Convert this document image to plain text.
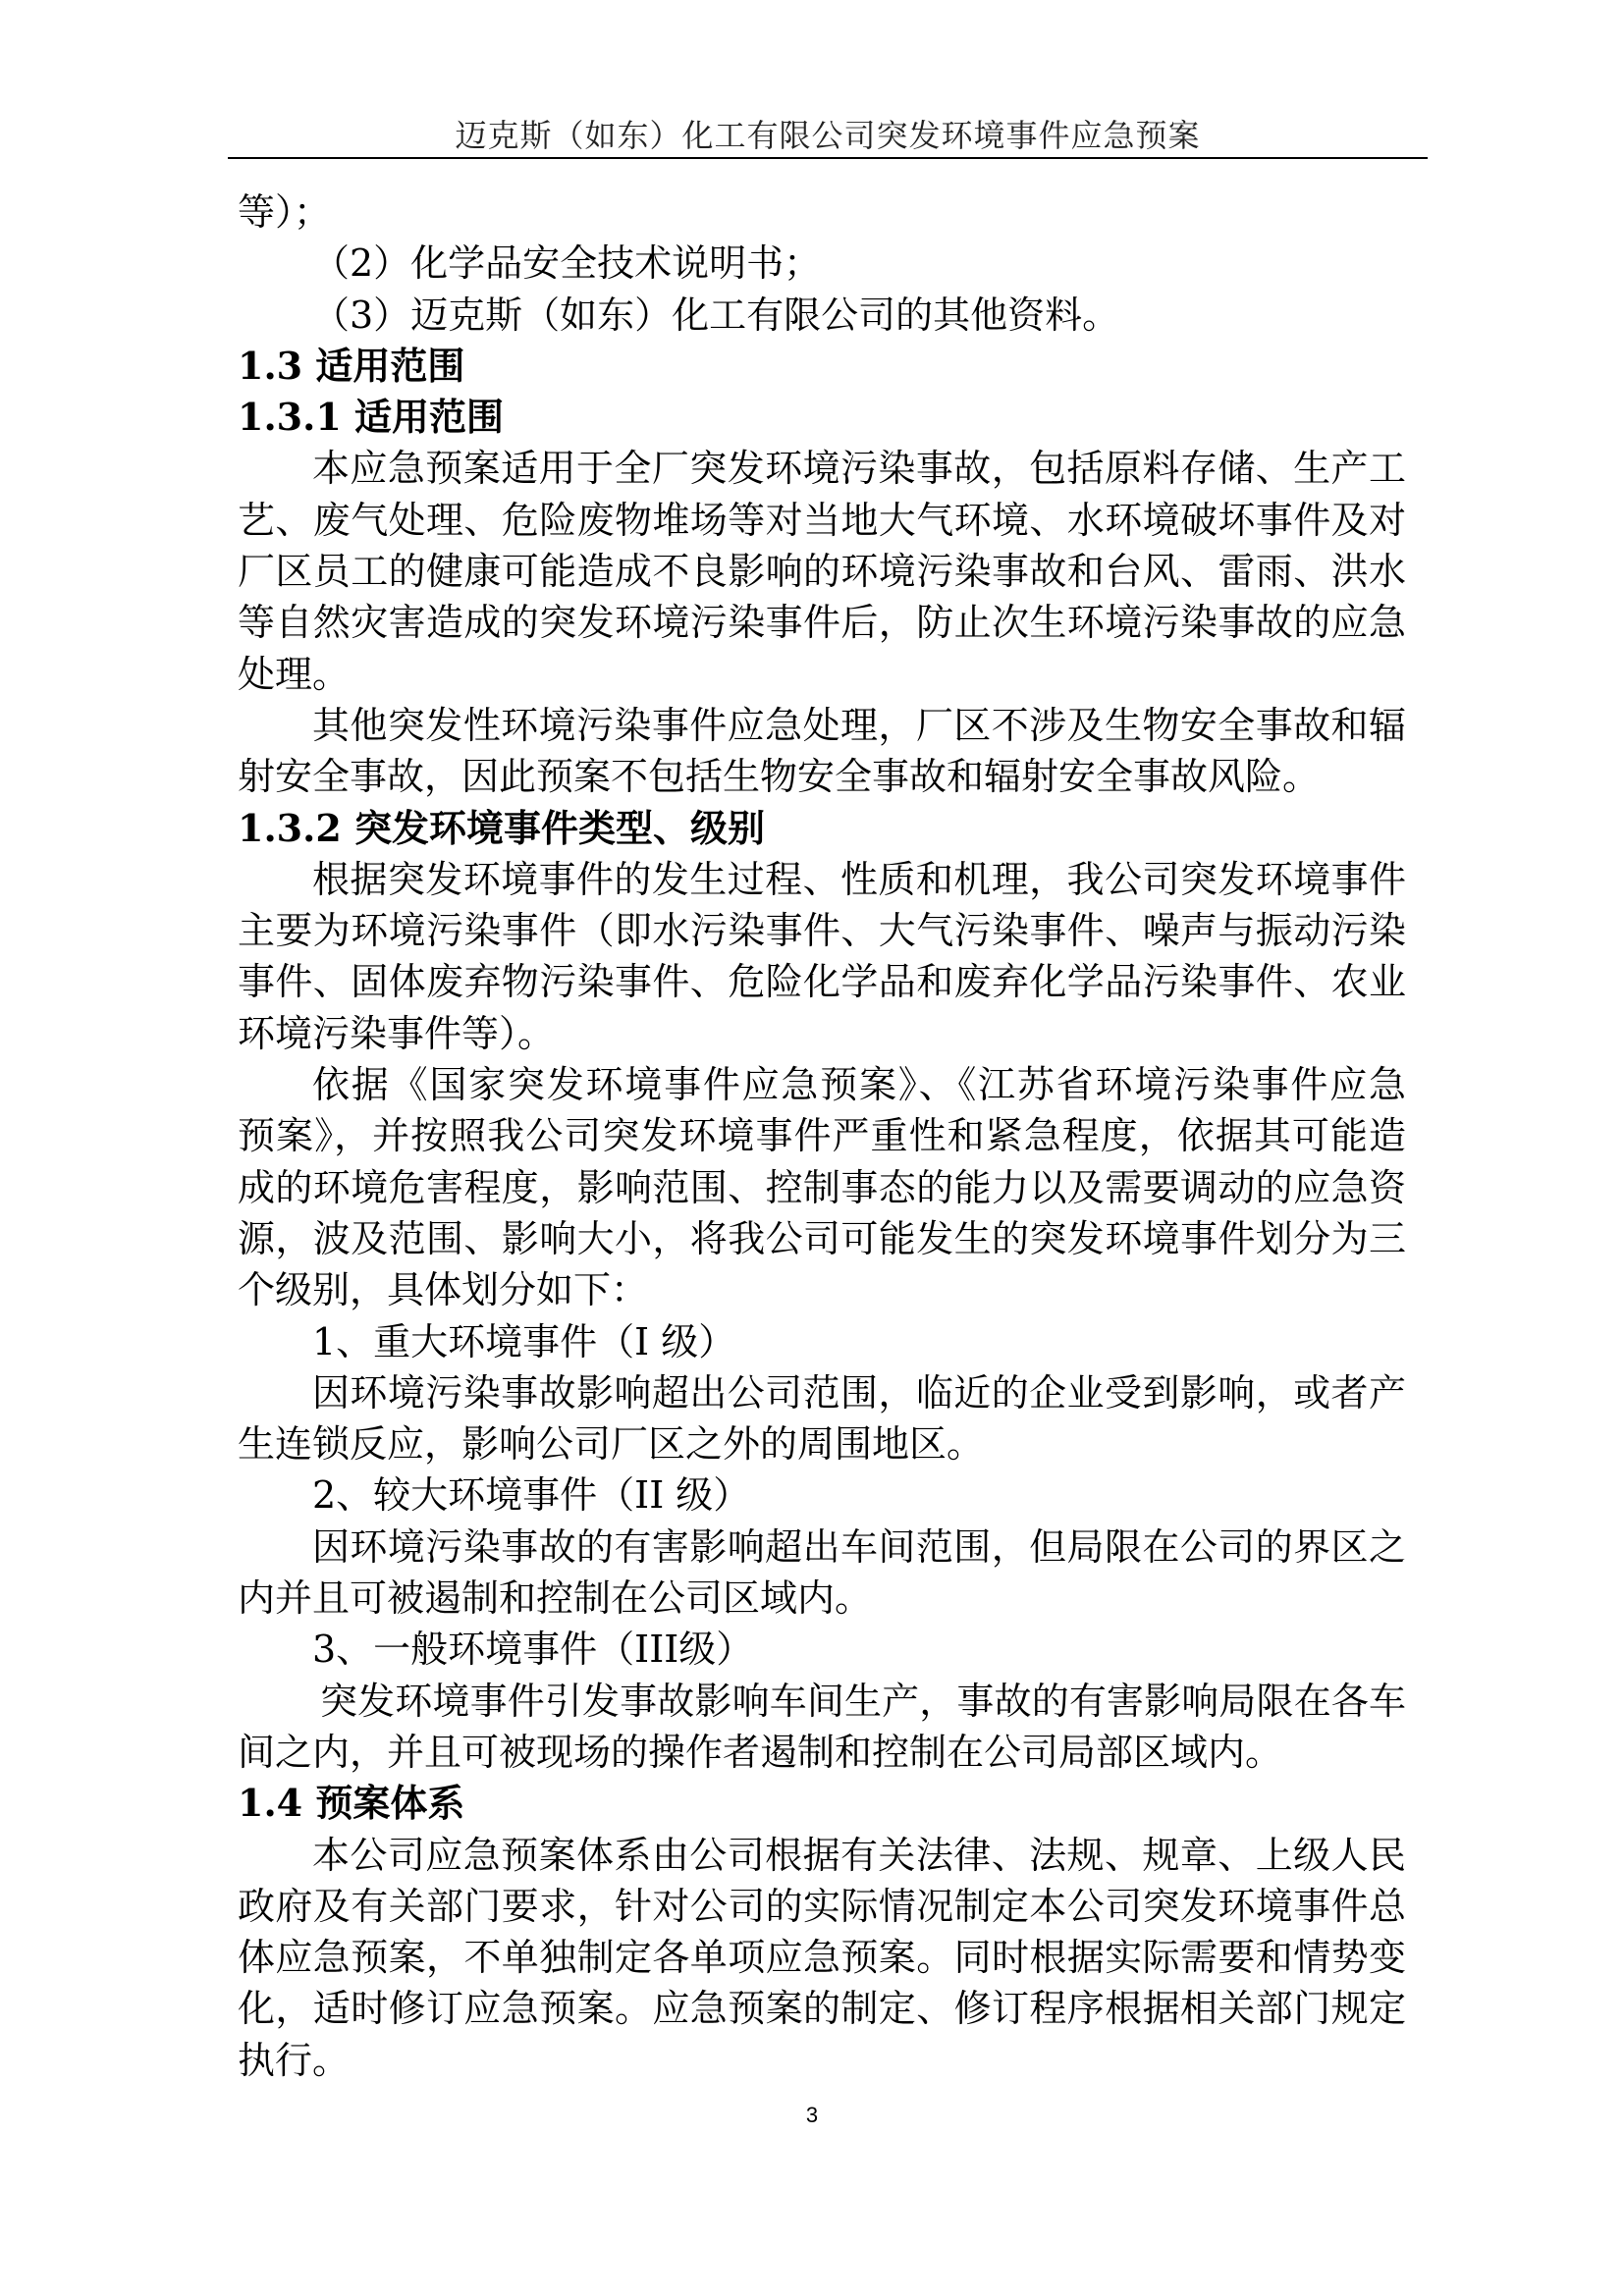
迈克斯（如东）化工有限公司突发环境事件应急预案
等）；
（2）化学品安全技术说明书；
（3）迈克斯（如东）化工有限公司的其他资料。
1.3 适用范围
1.3.1 适用范围
本应急预案适用于全厂突发环境污染事故，包括原料存储、生产工
艺、废气处理、危险废物堆场等对当地大气环境、水环境破坏事件及对
厂区员工的健康可能造成不良影响的环境污染事故和台风、雷雨、洪水
等自然灾害造成的突发环境污染事件后，防止次生环境污染事故的应急
处理。
其他突发性环境污染事件应急处理，厂区不涉及生物安全事故和辐
射安全事故，因此预案不包括生物安全事故和辐射安全事故风险。
1.3.2 突发环境事件类型、级别
根据突发环境事件的发生过程、性质和机理，我公司突发环境事件
主要为环境污染事件（即水污染事件、大气污染事件、噪声与振动污染
事件、固体废弃物污染事件、危险化学品和废弃化学品污染事件、农业
环境污染事件等）。
依据《国家突发环境事件应急预案》、《江苏省环境污染事件应急
预案》，并按照我公司突发环境事件严重性和紧急程度，依据其可能造
成的环境危害程度，影响范围、控制事态的能力以及需要调动的应急资
源，波及范围、影响大小，将我公司可能发生的突发环境事件划分为三
个级别，具体划分如下：
1、重大环境事件（I 级）
因环境污染事故影响超出公司范围，临近的企业受到影响，或者产
生连锁反应，影响公司厂区之外的周围地区。
2、较大环境事件（II 级）
因环境污染事故的有害影响超出车间范围，但局限在公司的界区之
内并且可被遏制和控制在公司区域内。
3、一般环境事件（III级）
突发环境事件引发事故影响车间生产，事故的有害影响局限在各车
间之内，并且可被现场的操作者遏制和控制在公司局部区域内。
1.4 预案体系
本公司应急预案体系由公司根据有关法律、法规、规章、上级人民
政府及有关部门要求，针对公司的实际情况制定本公司突发环境事件总
体应急预案，不单独制定各单项应急预案。同时根据实际需要和情势变
化，适时修订应急预案。应急预案的制定、修订程序根据相关部门规定
执行。
3
